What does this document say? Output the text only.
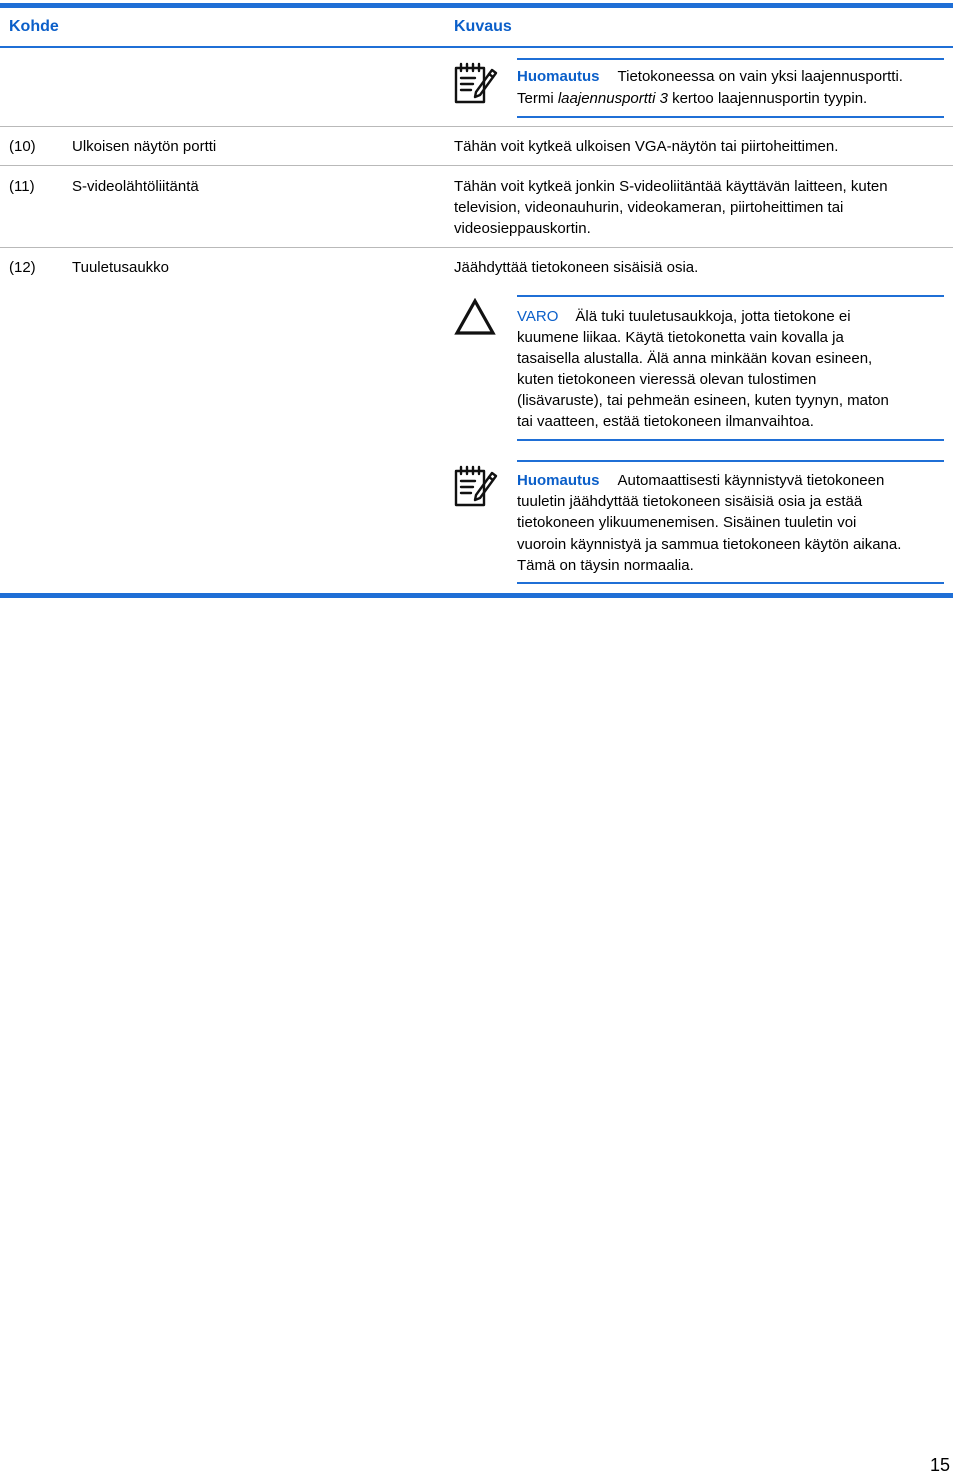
Kohde	Kuvaus
Huomautus Tietokoneessa on vain yksi laajennusportti.
Termi laajennusportti 3 kertoo laajennusportin tyypin.
(10) Ulkoisen näytön portti	Tähän voit kytkeä ulkoisen VGA-näytön tai piirtoheittimen.
(11) S-videolähtöliitäntä	Tähän voit kytkeä jonkin S-videoliitäntää käyttävän laitteen, kuten
television, videonauhurin, videokameran, piirtoheittimen tai
videosieppauskortin.
(12) Tuuletusaukko	Jäähdyttää tietokoneen sisäisiä osia.
VARO Älä tuki tuuletusaukkoja, jotta tietokone ei
kuumene liikaa. Käytä tietokonetta vain kovalla ja
tasaisella alustalla. Älä anna minkään kovan esineen,
kuten tietokoneen vieressä olevan tulostimen
(lisävaruste), tai pehmeän esineen, kuten tyynyn, maton
tai vaatteen, estää tietokoneen ilmanvaihtoa.
Huomautus Automaattisesti käynnistyvä tietokoneen
tuuletin jäähdyttää tietokoneen sisäisiä osia ja estää
tietokoneen ylikuumenemisen. Sisäinen tuuletin voi
vuoroin käynnistyä ja sammua tietokoneen käytön aikana.
Tämä on täysin normaalia.
15
